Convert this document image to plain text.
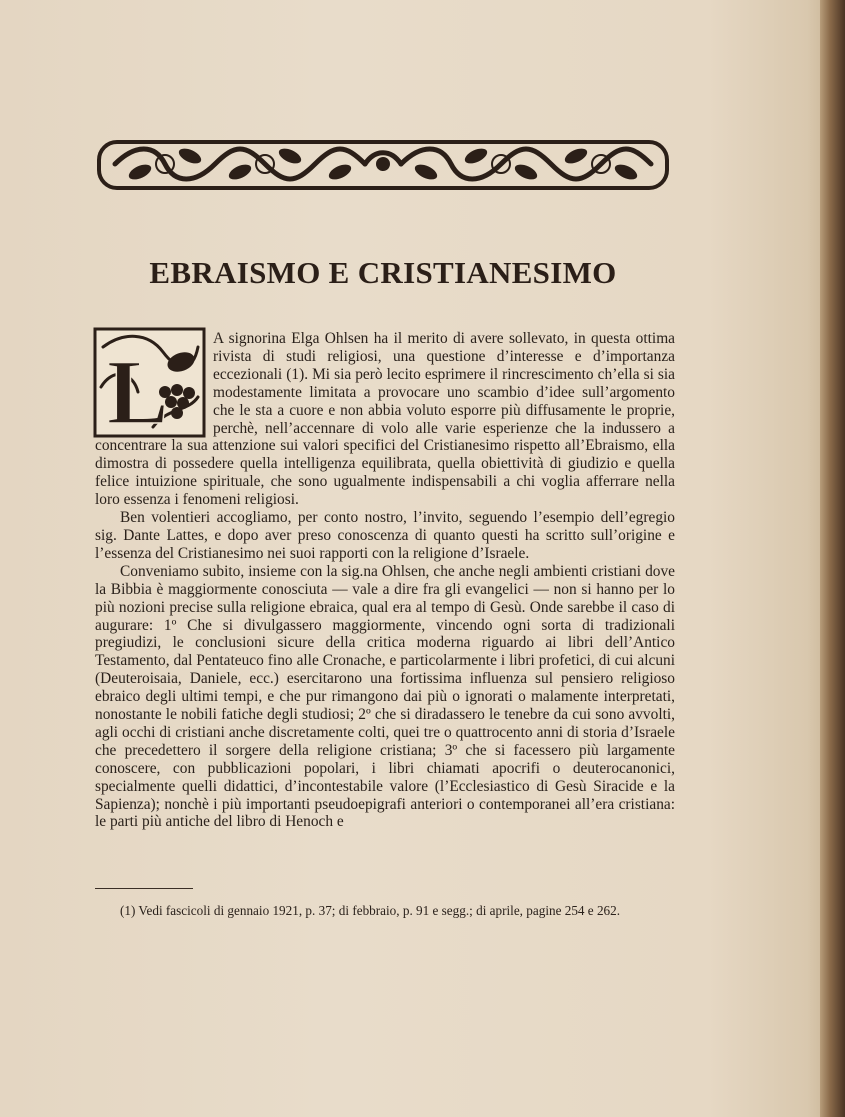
EBRAISMO E CRISTIANESIMO
L

A signorina Elga Ohlsen ha il merito di avere sollevato, in questa ottima rivista di studi religiosi, una questione d’interesse e d’importanza eccezionali (1). Mi sia però lecito esprimere il rincrescimento ch’ella si sia modestamente limitata a provocare uno scambio d’idee sull’argomento che le sta a cuore e non abbia voluto esporre più diffusamente le proprie, perchè, nell’accennare di volo alle varie esperienze che la indussero a concentrare la sua attenzione sui valori specifici del Cristianesimo rispetto all’Ebraismo, ella dimostra di possedere quella intelligenza equilibrata, quella obiettività di giudizio e quella felice intuizione spirituale, che sono ugualmente indispensabili a chi voglia afferrare nella loro essenza i fenomeni religiosi.

Ben volentieri accogliamo, per conto nostro, l’invito, seguendo l’esempio dell’egregio sig. Dante Lattes, e dopo aver preso conoscenza di quanto questi ha scritto sull’origine e l’essenza del Cristianesimo nei suoi rapporti con la religione d’Israele.

Conveniamo subito, insieme con la sig.na Ohlsen, che anche negli ambienti cristiani dove la Bibbia è maggiormente conosciuta — vale a dire fra gli evangelici — non si hanno per lo più nozioni precise sulla religione ebraica, qual era al tempo di Gesù. Onde sarebbe il caso di augurare: 1º Che si divulgassero maggiormente, vincendo ogni sorta di tradizionali pregiudizi, le conclusioni sicure della critica moderna riguardo ai libri dell’Antico Testamento, dal Pentateuco fino alle Cronache, e particolarmente i libri profetici, di cui alcuni (Deuteroisaia, Daniele, ecc.) esercitarono una fortissima influenza sul pensiero religioso ebraico degli ultimi tempi, e che pur rimangono dai più o ignorati o malamente interpretati, nonostante le nobili fatiche degli studiosi; 2º che si diradassero le tenebre da cui sono avvolti, agli occhi di cristiani anche discretamente colti, quei tre o quattrocento anni di storia d’Israele che precedettero il sorgere della religione cristiana; 3º che si facessero più largamente conoscere, con pubblicazioni popolari, i libri chiamati apocrifi o deuterocanonici, specialmente quelli didattici, d’incontestabile valore (l’Ecclesiastico di Gesù Siracide e la Sapienza); nonchè i più importanti pseudoepigrafi anteriori o contemporanei all’era cristiana: le parti più antiche del libro di Henoch e

(1) Vedi fascicoli di gennaio 1921, p. 37; di febbraio, p. 91 e segg.; di aprile, pagine 254 e 262.
